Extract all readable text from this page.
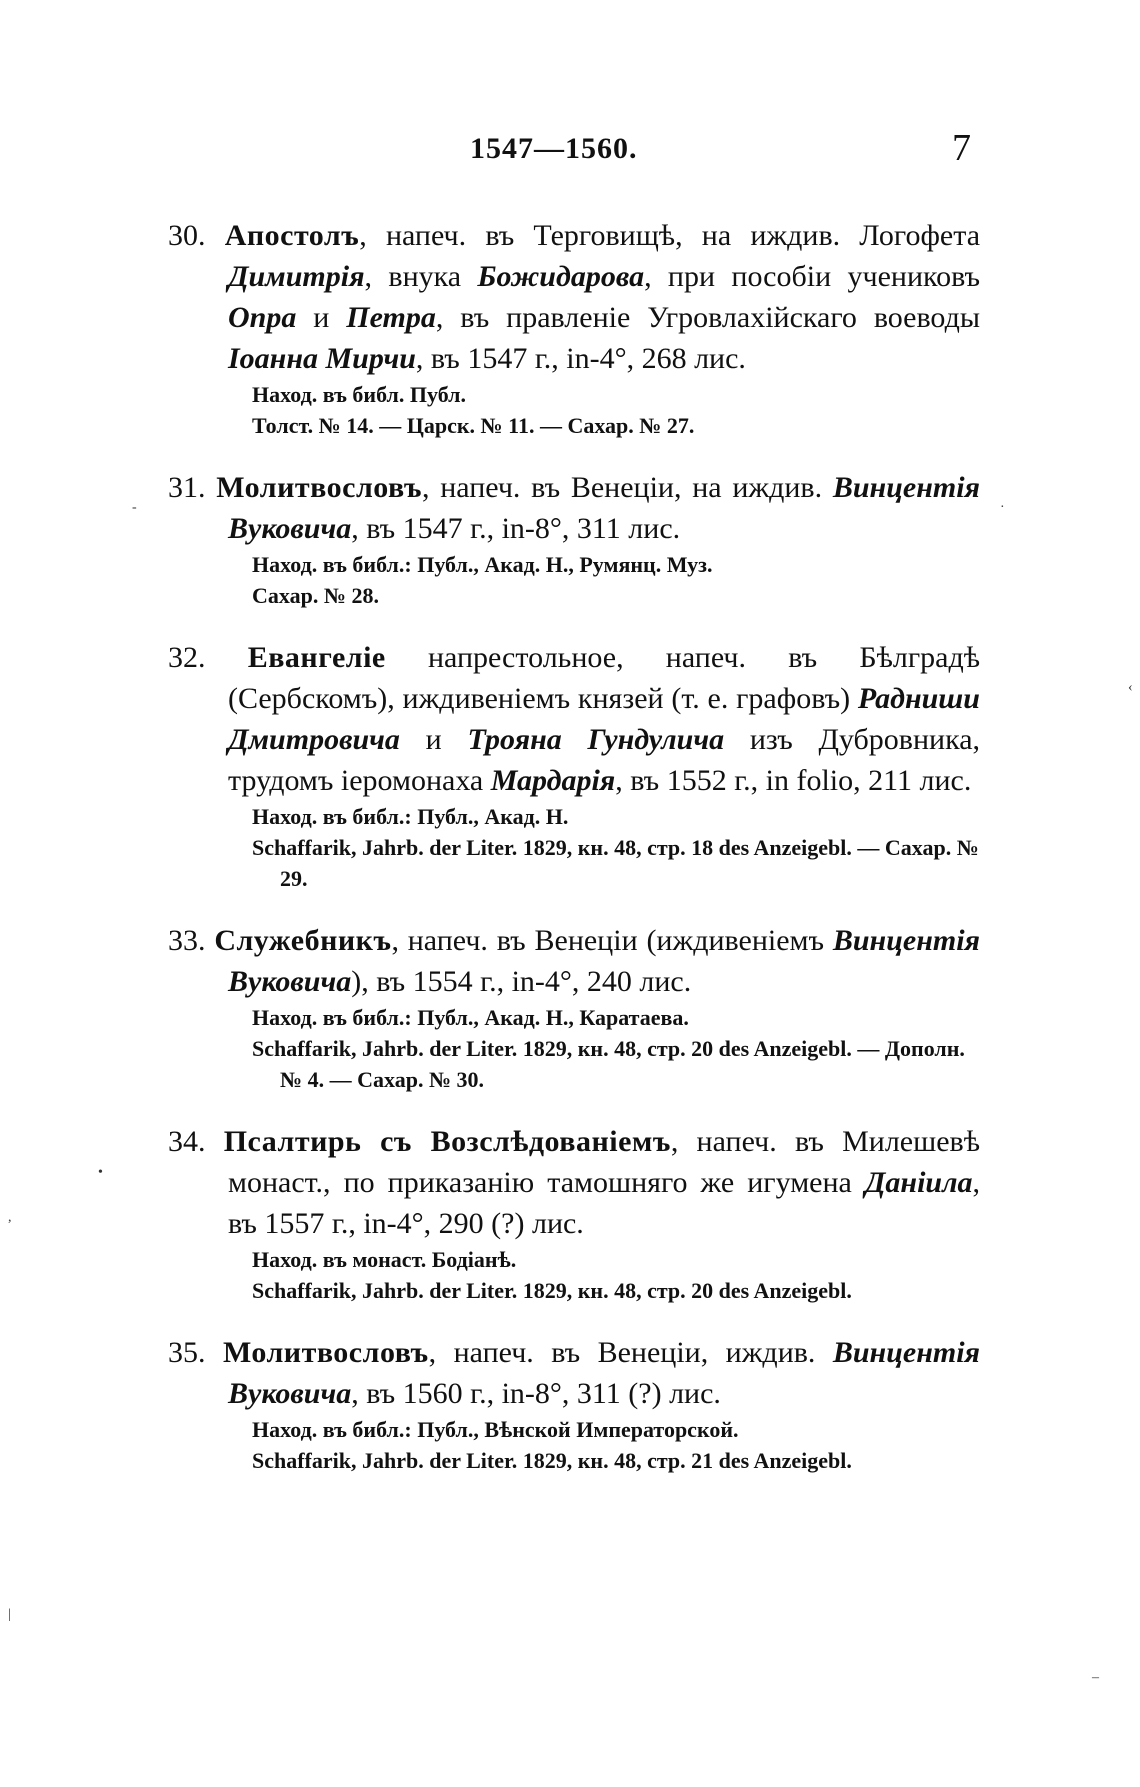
1547—1560.	7
30. Апостолъ, напеч. въ Терговищѣ, на иждив. Логофета Димитрія, внука Божидарова, при пособіи учениковъ Опра и Петра, въ правленіе Угровлахійскаго воеводы Іоанна Мирчи, въ 1547 г., in-4°, 268 лис.
Наход. въ библ. Публ.
Толст. № 14. — Царск. № 11. — Сахар. № 27.
31. Молитвословъ, напеч. въ Венеціи, на иждив. Винцентія Вуковича, въ 1547 г., in-8°, 311 лис.
Наход. въ библ.: Публ., Акад. Н., Румянц. Муз.
Сахар. № 28.
32. Евангеліе напрестольное, напеч. въ Бѣлградѣ (Сербскомъ), иждивеніемъ князей (т. е. графовъ) Радниши Дмитровича и Трояна Гундулича изъ Дубровника, трудомъ іеромонаха Мардарія, въ 1552 г., in folio, 211 лис.
Наход. въ библ.: Публ., Акад. Н.
Schaffarik, Jahrb. der Liter. 1829, кн. 48, стр. 18 des Anzeigebl. — Сахар. № 29.
33. Служебникъ, напеч. въ Венеціи (иждивеніемъ Винцентія Вуковича), въ 1554 г., in-4°, 240 лис.
Наход. въ библ.: Публ., Акад. Н., Каратаева.
Schaffarik, Jahrb. der Liter. 1829, кн. 48, стр. 20 des Anzeigebl. — Дополн. № 4. — Сахар. № 30.
34. Псалтирь съ Возслѣдованіемъ, напеч. въ Милешевѣ монаст., по приказанію тамошняго же игумена Даніила, въ 1557 г., in-4°, 290 (?) лис.
Наход. въ монаст. Бодіанѣ.
Schaffarik, Jahrb. der Liter. 1829, кн. 48, стр. 20 des Anzeigebl.
35. Молитвословъ, напеч. въ Венеціи, иждив. Винцентія Вуковича, въ 1560 г., in-8°, 311 (?) лис.
Наход. въ библ.: Публ., Вѣнской Императорской.
Schaffarik, Jahrb. der Liter. 1829, кн. 48, стр. 21 des Anzeigebl.
-	·
‹
•
,
|
–
